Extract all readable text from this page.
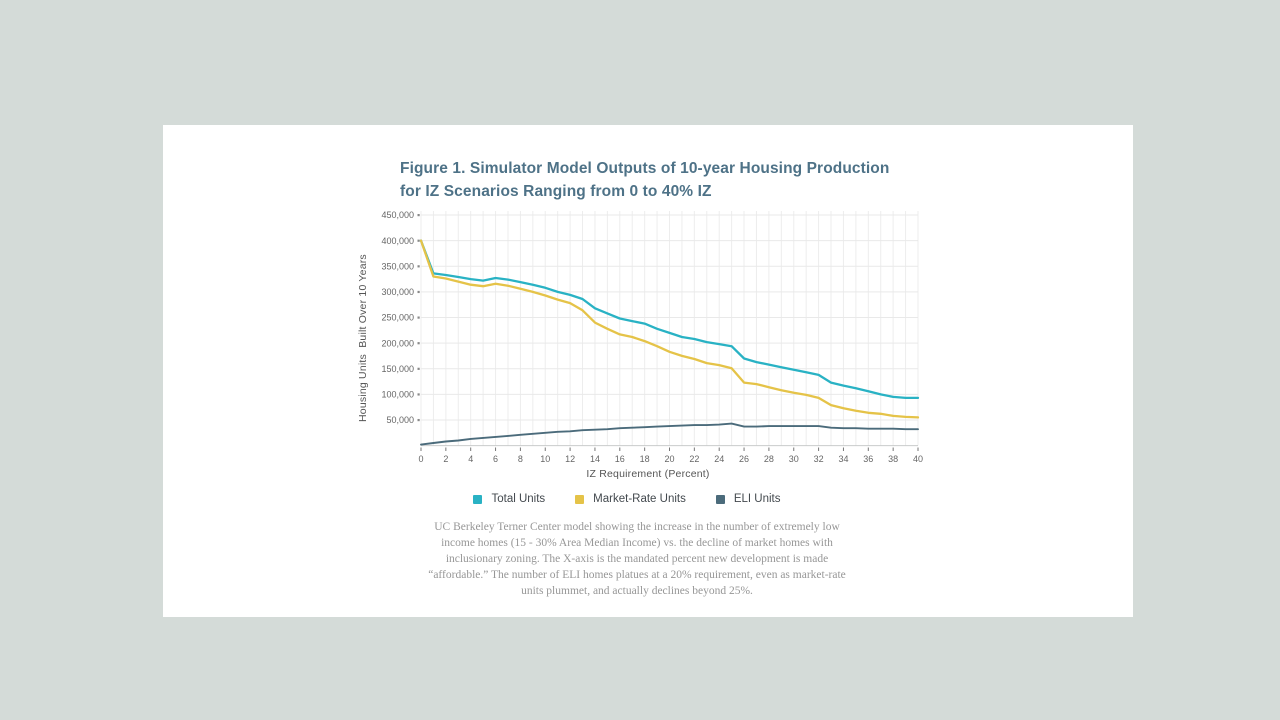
Figure 1. Simulator Model Outputs of 10-year Housing Production
for IZ Scenarios Ranging from 0 to 40% IZ
Housing Units  Built Over 10 Years
0 2 4 6 8 10 12 14 16 18 20 22 24 26 28 30 32 34 36 38 40
50,000
100,000
150,000
200,000
250,000
300,000
350,000
400,000
450,000
IZ Requirement (Percent)
Total Units	Market-Rate Units	ELI Units
UC Berkeley Terner Center model showing the increase in the number of extremely low income homes (15 - 30% Area Median Income) vs. the decline of market homes with inclusionary zoning. The X-axis is the mandated percent new development is made “affordable.” The number of ELI homes platues at a 20% requirement, even as market-rate units plummet, and actually declines beyond 25%.
